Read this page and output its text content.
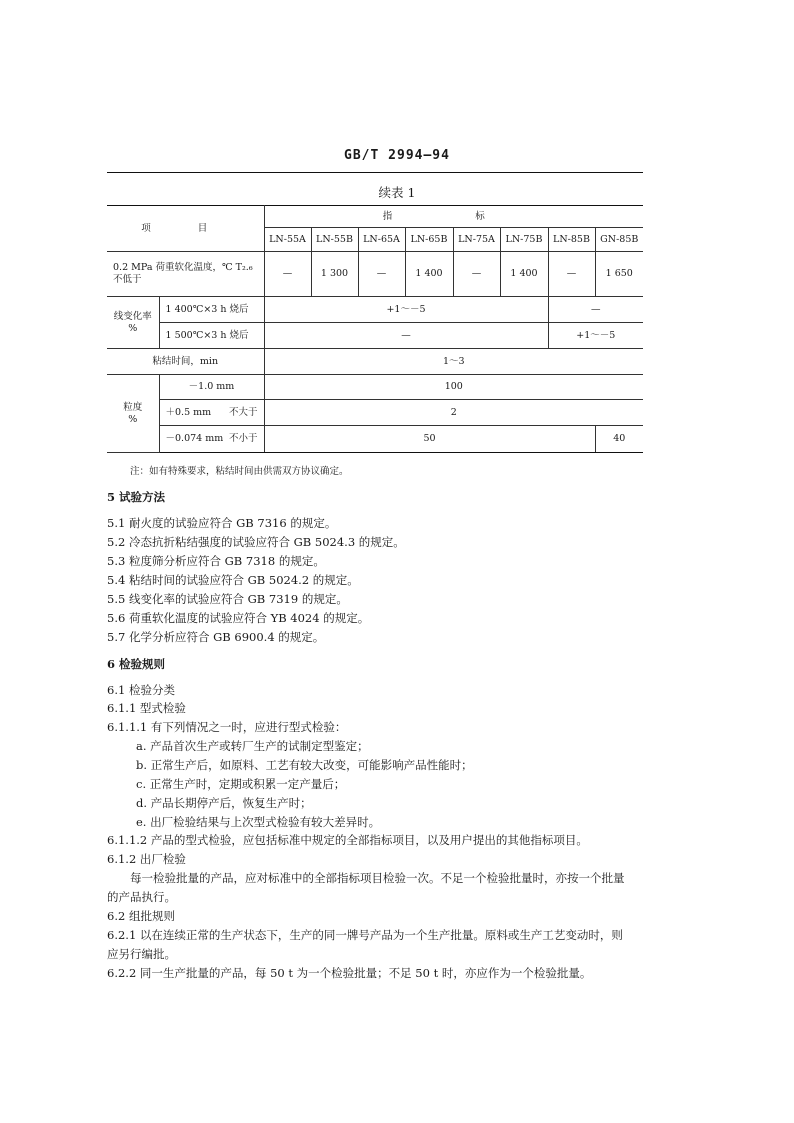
GB/T 2994—94
续表 1
项 目		指 标							
		LN-55A	LN-55B	LN-65A	LN-65B	LN-75A	LN-75B	LN-85B	GN-85B

0.2 MPa 荷重软化温度，℃ T₂.₆
不低于		—	1 300	—	1 400	—	1 400	—	1 650

线变化率
%	1 400℃×3 h 烧后	+1～－5						—	
	1 500℃×3 h 烧后	—						+1～－5	
粘结时间，min		1～3							

粒度
%	－1.0 mm	100							

	＋0.5 mm 不大于	2							

	－0.074 mm 不小于	50							40
注：如有特殊要求，粘结时间由供需双方协议确定。
5 试验方法
5.1 耐火度的试验应符合 GB 7316 的规定。
5.2 冷态抗折粘结强度的试验应符合 GB 5024.3 的规定。
5.3 粒度筛分析应符合 GB 7318 的规定。
5.4 粘结时间的试验应符合 GB 5024.2 的规定。
5.5 线变化率的试验应符合 GB 7319 的规定。
5.6 荷重软化温度的试验应符合 YB 4024 的规定。
5.7 化学分析应符合 GB 6900.4 的规定。
6 检验规则
6.1 检验分类
6.1.1 型式检验
6.1.1.1 有下列情况之一时，应进行型式检验：
a. 产品首次生产或转厂生产的试制定型鉴定；
b. 正常生产后，如原料、工艺有较大改变，可能影响产品性能时；
c. 正常生产时，定期或积累一定产量后；
d. 产品长期停产后，恢复生产时；
e. 出厂检验结果与上次型式检验有较大差异时。
6.1.1.2 产品的型式检验，应包括标准中规定的全部指标项目，以及用户提出的其他指标项目。
6.1.2 出厂检验
每一检验批量的产品，应对标准中的全部指标项目检验一次。不足一个检验批量时，亦按一个批量
的产品执行。
6.2 组批规则
6.2.1 以在连续正常的生产状态下，生产的同一牌号产品为一个生产批量。原料或生产工艺变动时，则
应另行编批。
6.2.2 同一生产批量的产品，每 50 t 为一个检验批量；不足 50 t 时，亦应作为一个检验批量。
